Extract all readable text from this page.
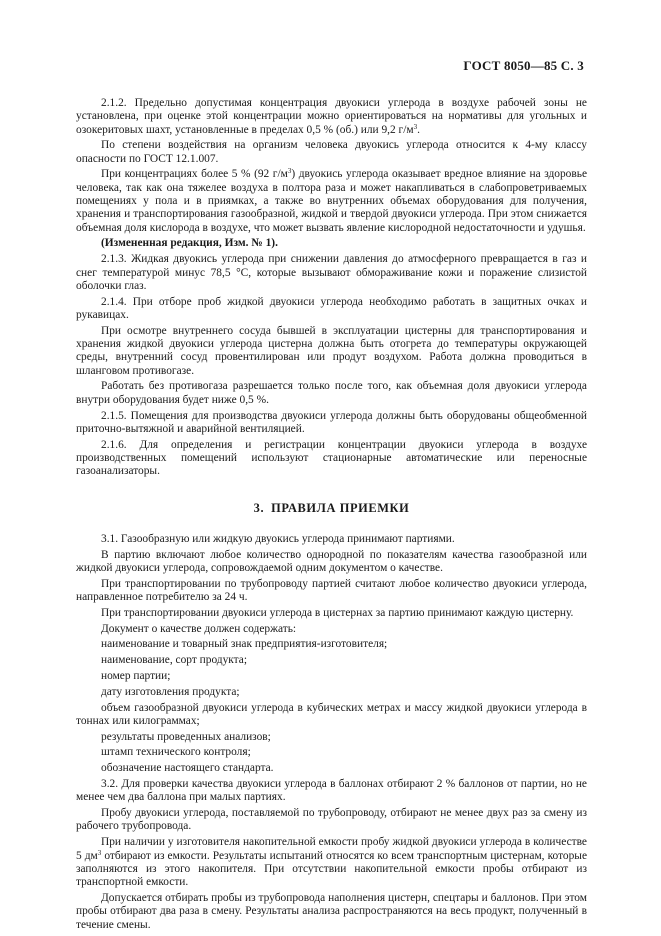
ГОСТ 8050—85 С. 3

2.1.2. Предельно допустимая концентрация двуокиси углерода в воздухе рабочей зоны не установлена, при оценке этой концентрации можно ориентироваться на нормативы для угольных и озокеритовых шахт, установленные в пределах 0,5 % (об.) или 9,2 $г/м^3$.

По степени воздействия на организм человека двуокись углерода относится к 4-му классу опасности по ГОСТ 12.1.007.

При концентрациях более 5 % (92 $г/м^3$) двуокись углерода оказывает вредное влияние на здоровье человека, так как она тяжелее воздуха в полтора раза и может накапливаться в слабопроветриваемых помещениях у пола и в приямках, а также во внутренних объемах оборудования для получения, хранения и транспортирования газообразной, жидкой и твердой двуокиси углерода. При этом снижается объемная доля кислорода в воздухе, что может вызвать явление кислородной недостаточности и удушья.

(Измененная редакция, Изм. № 1).

2.1.3. Жидкая двуокись углерода при снижении давления до атмосферного превращается в газ и снег температурой минус 78,5 °С, которые вызывают обмораживание кожи и поражение слизистой оболочки глаз.

2.1.4. При отборе проб жидкой двуокиси углерода необходимо работать в защитных очках и рукавицах.

При осмотре внутреннего сосуда бывшей в эксплуатации цистерны для транспортирования и хранения жидкой двуокиси углерода цистерна должна быть отогрета до температуры окружающей среды, внутренний сосуд провентилирован или продут воздухом. Работа должна проводиться в шланговом противогазе.

Работать без противогаза разрешается только после того, как объемная доля двуокиси углерода внутри оборудования будет ниже 0,5 %.

2.1.5. Помещения для производства двуокиси углерода должны быть оборудованы общеобменной приточно-вытяжной и аварийной вентиляцией.

2.1.6. Для определения и регистрации концентрации двуокиси углерода в воздухе производственных помещений используют стационарные автоматические или переносные газоанализаторы.

3. ПРАВИЛА ПРИЕМКИ

3.1. Газообразную или жидкую двуокись углерода принимают партиями.

В партию включают любое количество однородной по показателям качества газообразной или жидкой двуокиси углерода, сопровождаемой одним документом о качестве.

При транспортировании по трубопроводу партией считают любое количество двуокиси углерода, направленное потребителю за 24 ч.

При транспортировании двуокиси углерода в цистернах за партию принимают каждую цистерну.

Документ о качестве должен содержать:

наименование и товарный знак предприятия-изготовителя;

наименование, сорт продукта;

номер партии;

дату изготовления продукта;

объем газообразной двуокиси углерода в кубических метрах и массу жидкой двуокиси углерода в тоннах или килограммах;

результаты проведенных анализов;

штамп технического контроля;

обозначение настоящего стандарта.

3.2. Для проверки качества двуокиси углерода в баллонах отбирают 2 % баллонов от партии, но не менее чем два баллона при малых партиях.

Пробу двуокиси углерода, поставляемой по трубопроводу, отбирают не менее двух раз за смену из рабочего трубопровода.

При наличии у изготовителя накопительной емкости пробу жидкой двуокиси углерода в количестве 5 $дм^3$ отбирают из емкости. Результаты испытаний относятся ко всем транспортным цистернам, которые заполняются из этого накопителя. При отсутствии накопительной емкости пробы отбирают из транспортной емкости.

Допускается отбирать пробы из трубопровода наполнения цистерн, спецтары и баллонов. При этом пробы отбирают два раза в смену. Результаты анализа распространяются на весь продукт, полученный в течение смены.
